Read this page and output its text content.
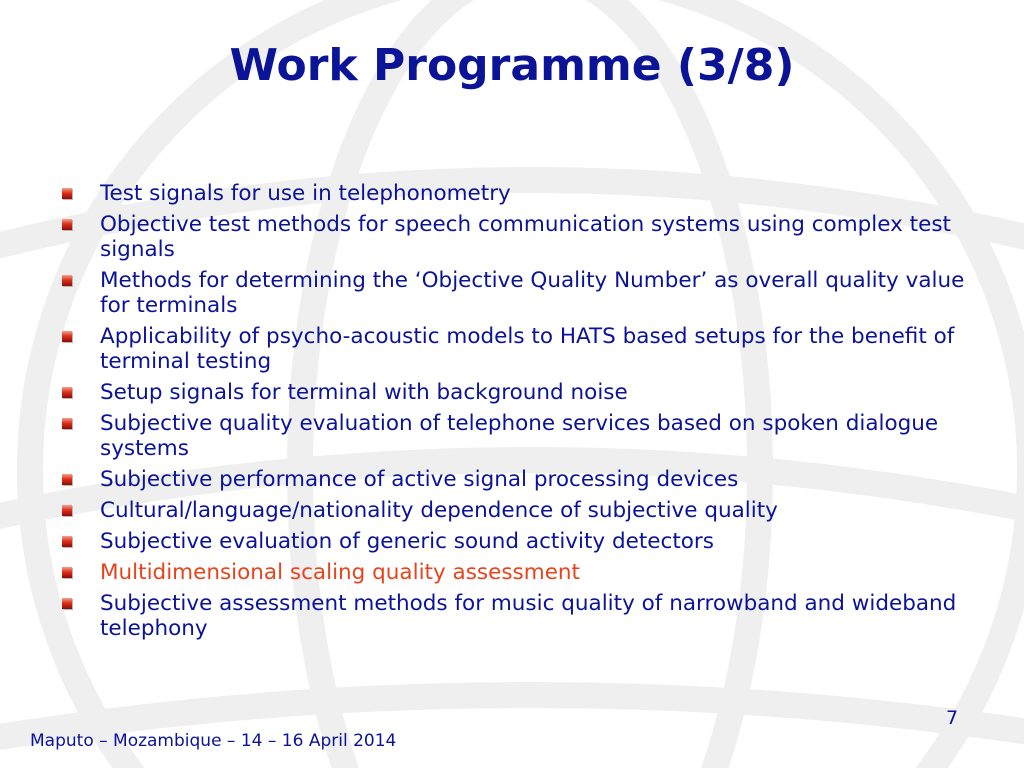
Work Programme (3/8)
Test signals for use in telephonometry
Objective test methods for speech communication systems using complex test signals
Methods for determining the ‘Objective Quality Number’ as overall quality value for terminals
Applicability of psycho-acoustic models to HATS based setups for the benefit of terminal testing
Setup signals for terminal with background noise
Subjective quality evaluation of telephone services based on spoken dialogue systems
Subjective performance of active signal processing devices
Cultural/language/nationality dependence of subjective quality
Subjective evaluation of generic sound activity detectors
Multidimensional scaling quality assessment
Subjective assessment methods for music quality of narrowband and wideband telephony
7
Maputo – Mozambique – 14 – 16 April 2014
